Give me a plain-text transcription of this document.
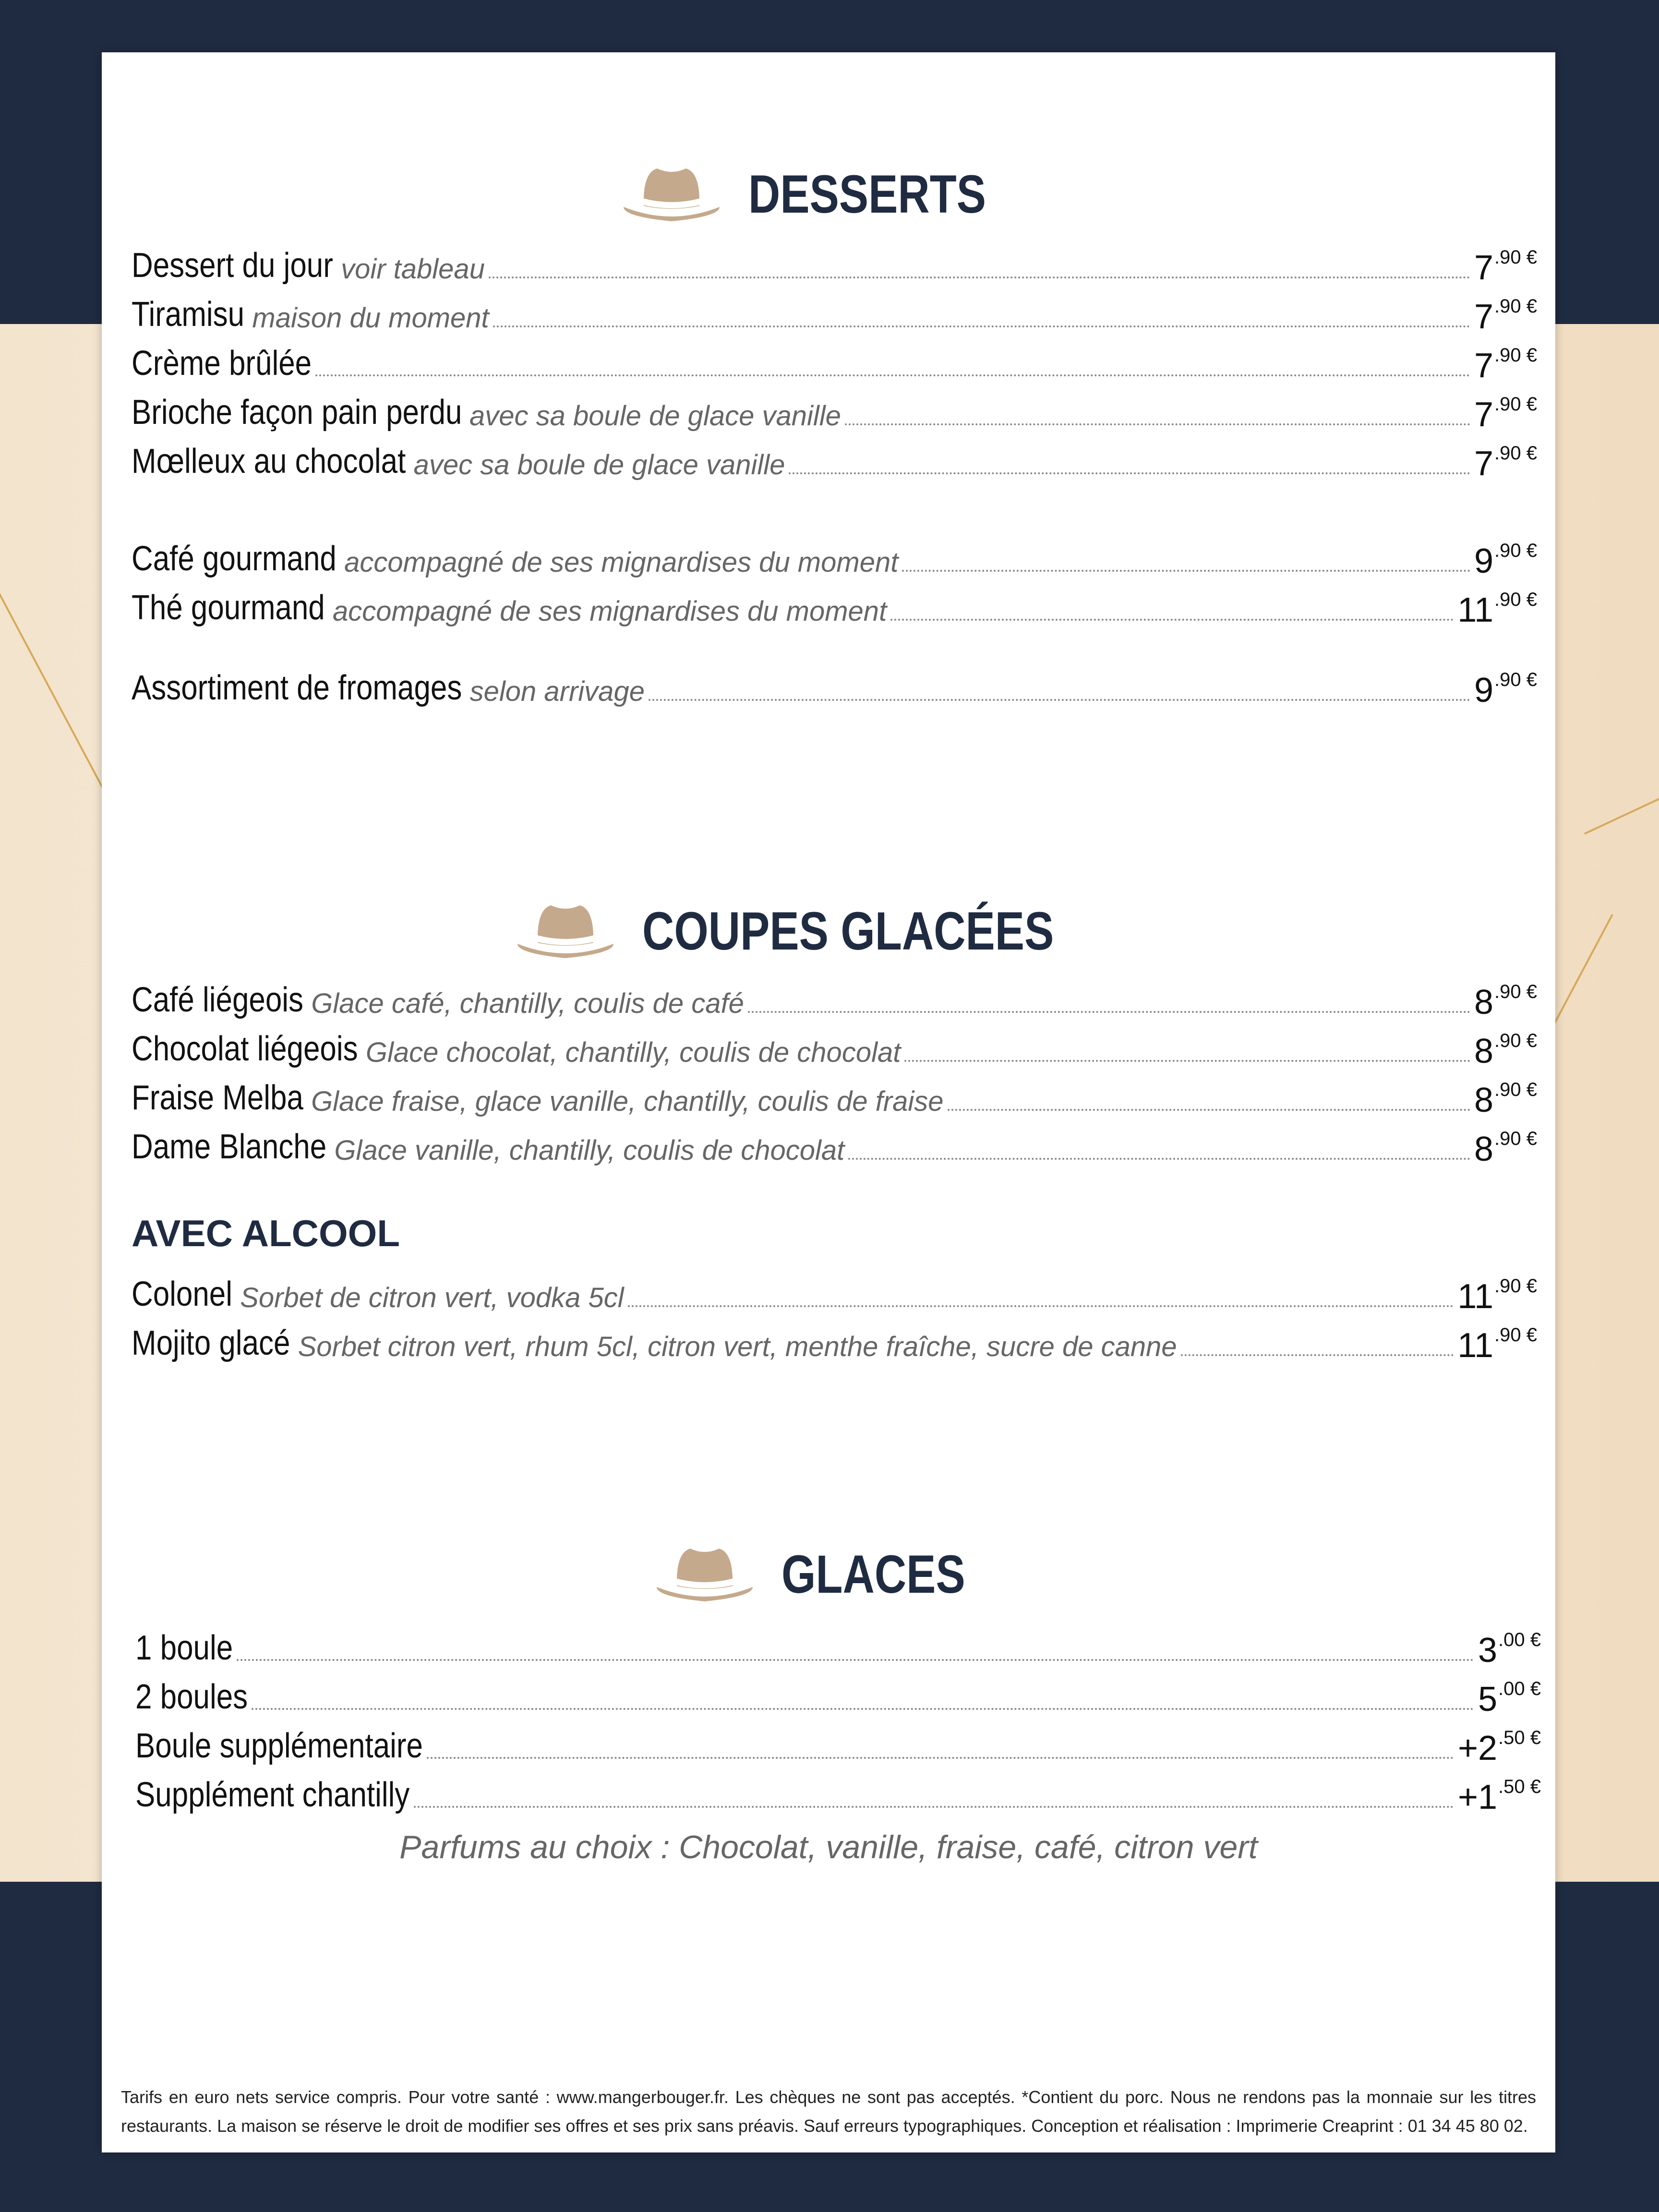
DESSERTS
Dessert du jour voir tableau	7 .90 €
Tiramisu maison du moment	7 .90 €
Crème brûlée	7 .90 €
Brioche façon pain perdu avec sa boule de glace vanille	7 .90 €
Mœlleux au chocolat avec sa boule de glace vanille	7 .90 €
Café gourmand accompagné de ses mignardises du moment	9 .90 €
Thé gourmand accompagné de ses mignardises du moment	11 .90 €
Assortiment de fromages selon arrivage	9 .90 €
COUPES GLACÉES
Café liégeois Glace café, chantilly, coulis de café	8 .90 €
Chocolat liégeois Glace chocolat, chantilly, coulis de chocolat	8 .90 €
Fraise Melba Glace fraise, glace vanille, chantilly, coulis de fraise	8 .90 €
Dame Blanche Glace vanille, chantilly, coulis de chocolat	8 .90 €
AVEC ALCOOL
Colonel Sorbet de citron vert, vodka 5cl	11 .90 €
Mojito glacé Sorbet citron vert, rhum 5cl, citron vert, menthe fraîche, sucre de canne	11 .90 €
GLACES
1 boule	3 .00 €
2 boules	5 .00 €
Boule supplémentaire	+2 .50 €
Supplément chantilly	+1 .50 €
Parfums au choix : Chocolat, vanille, fraise, café, citron vert
Tarifs en euro nets service compris. Pour votre santé : www.mangerbouger.fr. Les chèques ne sont pas acceptés. *Contient du porc. Nous ne rendons pas la monnaie sur les titres restaurants. La maison se réserve le droit de modifier ses offres et ses prix sans préavis. Sauf erreurs typographiques. Conception et réalisation : Imprimerie Creaprint : 01 34 45 80 02.
